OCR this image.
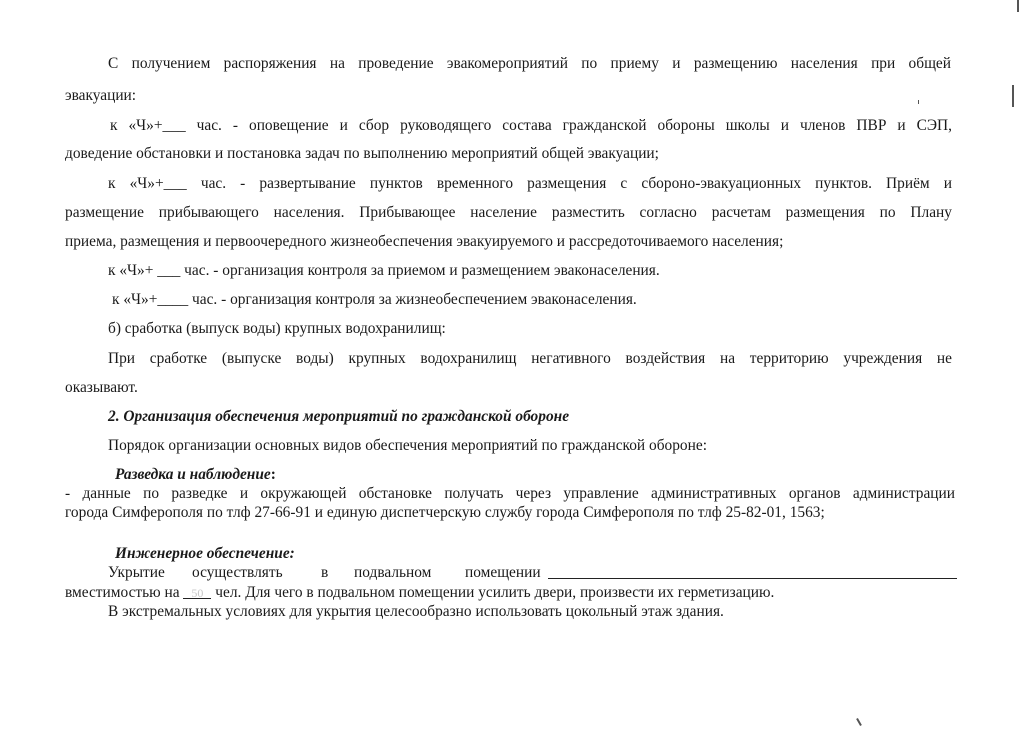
С получением распоряжения на проведение эвакомероприятий по приему и размещению населения при общей
эвакуации:
к «Ч»+___ час. - оповещение и сбор руководящего состава гражданской обороны школы и членов ПВР и СЭП,
доведение обстановки и постановка задач по выполнению мероприятий общей эвакуации;
к «Ч»+___ час. - развертывание пунктов временного размещения с сбороно-эвакуационных пунктов. Приём и
размещение прибывающего населения. Прибывающее население разместить согласно расчетам размещения по Плану
приема, размещения и первоочередного жизнеобеспечения эвакуируемого и рассредоточиваемого населения;
к «Ч»+ ___ час. - организация контроля за приемом и размещением эваконаселения.
к «Ч»+____ час. - организация контроля за жизнеобеспечением эваконаселения.
б) сработка (выпуск воды) крупных водохранилищ:
При сработке (выпуске воды) крупных водохранилищ негативного воздействия на территорию учреждения не
оказывают.
2. Организация обеспечения мероприятий по гражданской обороне
Порядок организации основных видов обеспечения мероприятий по гражданской обороне:
Разведка и наблюдение:
- данные по разведке и окружающей обстановке получать через управление административных органов администрации
города Симферополя по тлф 27-66-91 и единую диспетчерскую службу города Симферополя по тлф 25-82-01, 1563;
Инженерное обеспечение:
Укрытие осуществлять в подвальном помещении
вместимостью на 50 чел. Для чего в подвальном помещении усилить двери, произвести их герметизацию.
В экстремальных условиях для укрытия целесообразно использовать цокольный этаж здания.
